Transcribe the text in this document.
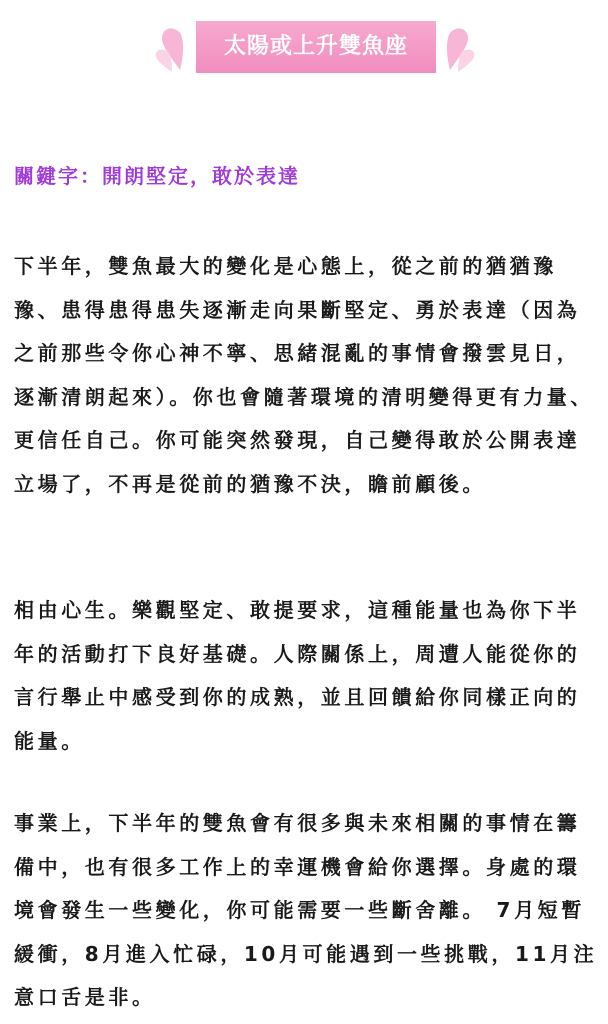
太陽或上升雙魚座
關鍵字：開朗堅定，敢於表達

下半年，雙魚最大的變化是心態上，從之前的猶猶豫豫、患得患得患失逐漸走向果斷堅定、勇於表達（因為之前那些令你心神不寧、思緒混亂的事情會撥雲見日，逐漸清朗起來）。你也會隨著環境的清明變得更有力量、更信任自己。你可能突然發現，自己變得敢於公開表達立場了，不再是從前的猶豫不決，瞻前顧後。

相由心生。樂觀堅定、敢提要求，這種能量也為你下半年的活動打下良好基礎。人際關係上，周遭人能從你的言行舉止中感受到你的成熟，並且回饋給你同樣正向的能量。

事業上，下半年的雙魚會有很多與未來相關的事情在籌備中，也有很多工作上的幸運機會給你選擇。身處的環境會發生一些變化，你可能需要一些斷舍離。 7月短暫緩衝，8月進入忙碌，10月可能遇到一些挑戰，11月注意口舌是非。
